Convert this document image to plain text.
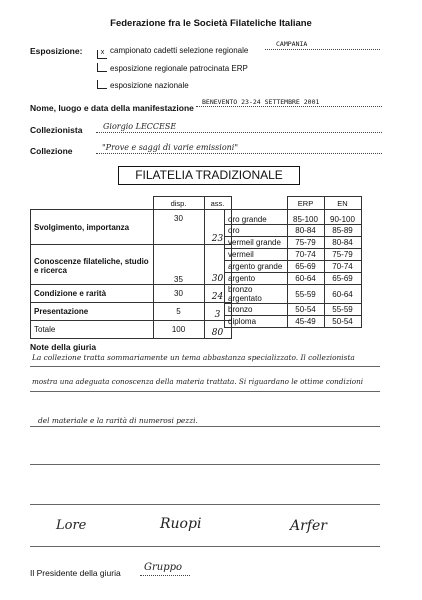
Federazione fra le Società Filateliche Italiane
Esposizione:
CAMPANIA
x campionato cadetti selezione regionale
esposizione regionale patrocinata ERP
esposizione nazionale
Nome, luogo e data della manifestazione
BENEVENTO 23-24 SETTEMBRE 2001
Collezionista	Giorgio LECCESE
Collezione	"Prove e saggi di varie emissioni"
FILATELIA TRADIZIONALE
	disp.	ass.
Svolgimento, importanza	30	23
Conoscenze filateliche, studio e ricerca	35	30
Condizione e rarità	30	24
Presentazione	5	3
Totale	100	80
	ERP	EN
oro grande	85-100	90-100
oro	80-84	85-89
vermeil grande	75-79	80-84
vermeil	70-74	75-79
argento grande	65-69	70-74
argento	60-64	65-69
bronzo argentato	55-59	60-64
bronzo	50-54	55-59
diploma	45-49	50-54
Note della giuria
La collezione tratta sommariamente un tema abbastanza specializzato. Il collezionista
mostra una adeguata conoscenza della materia trattata. Si riguardano le ottime condizioni
del materiale e la rarità di numerosi pezzi.
Lore	Ruopi	Arfer
Il Presidente della giuria Gruppo
